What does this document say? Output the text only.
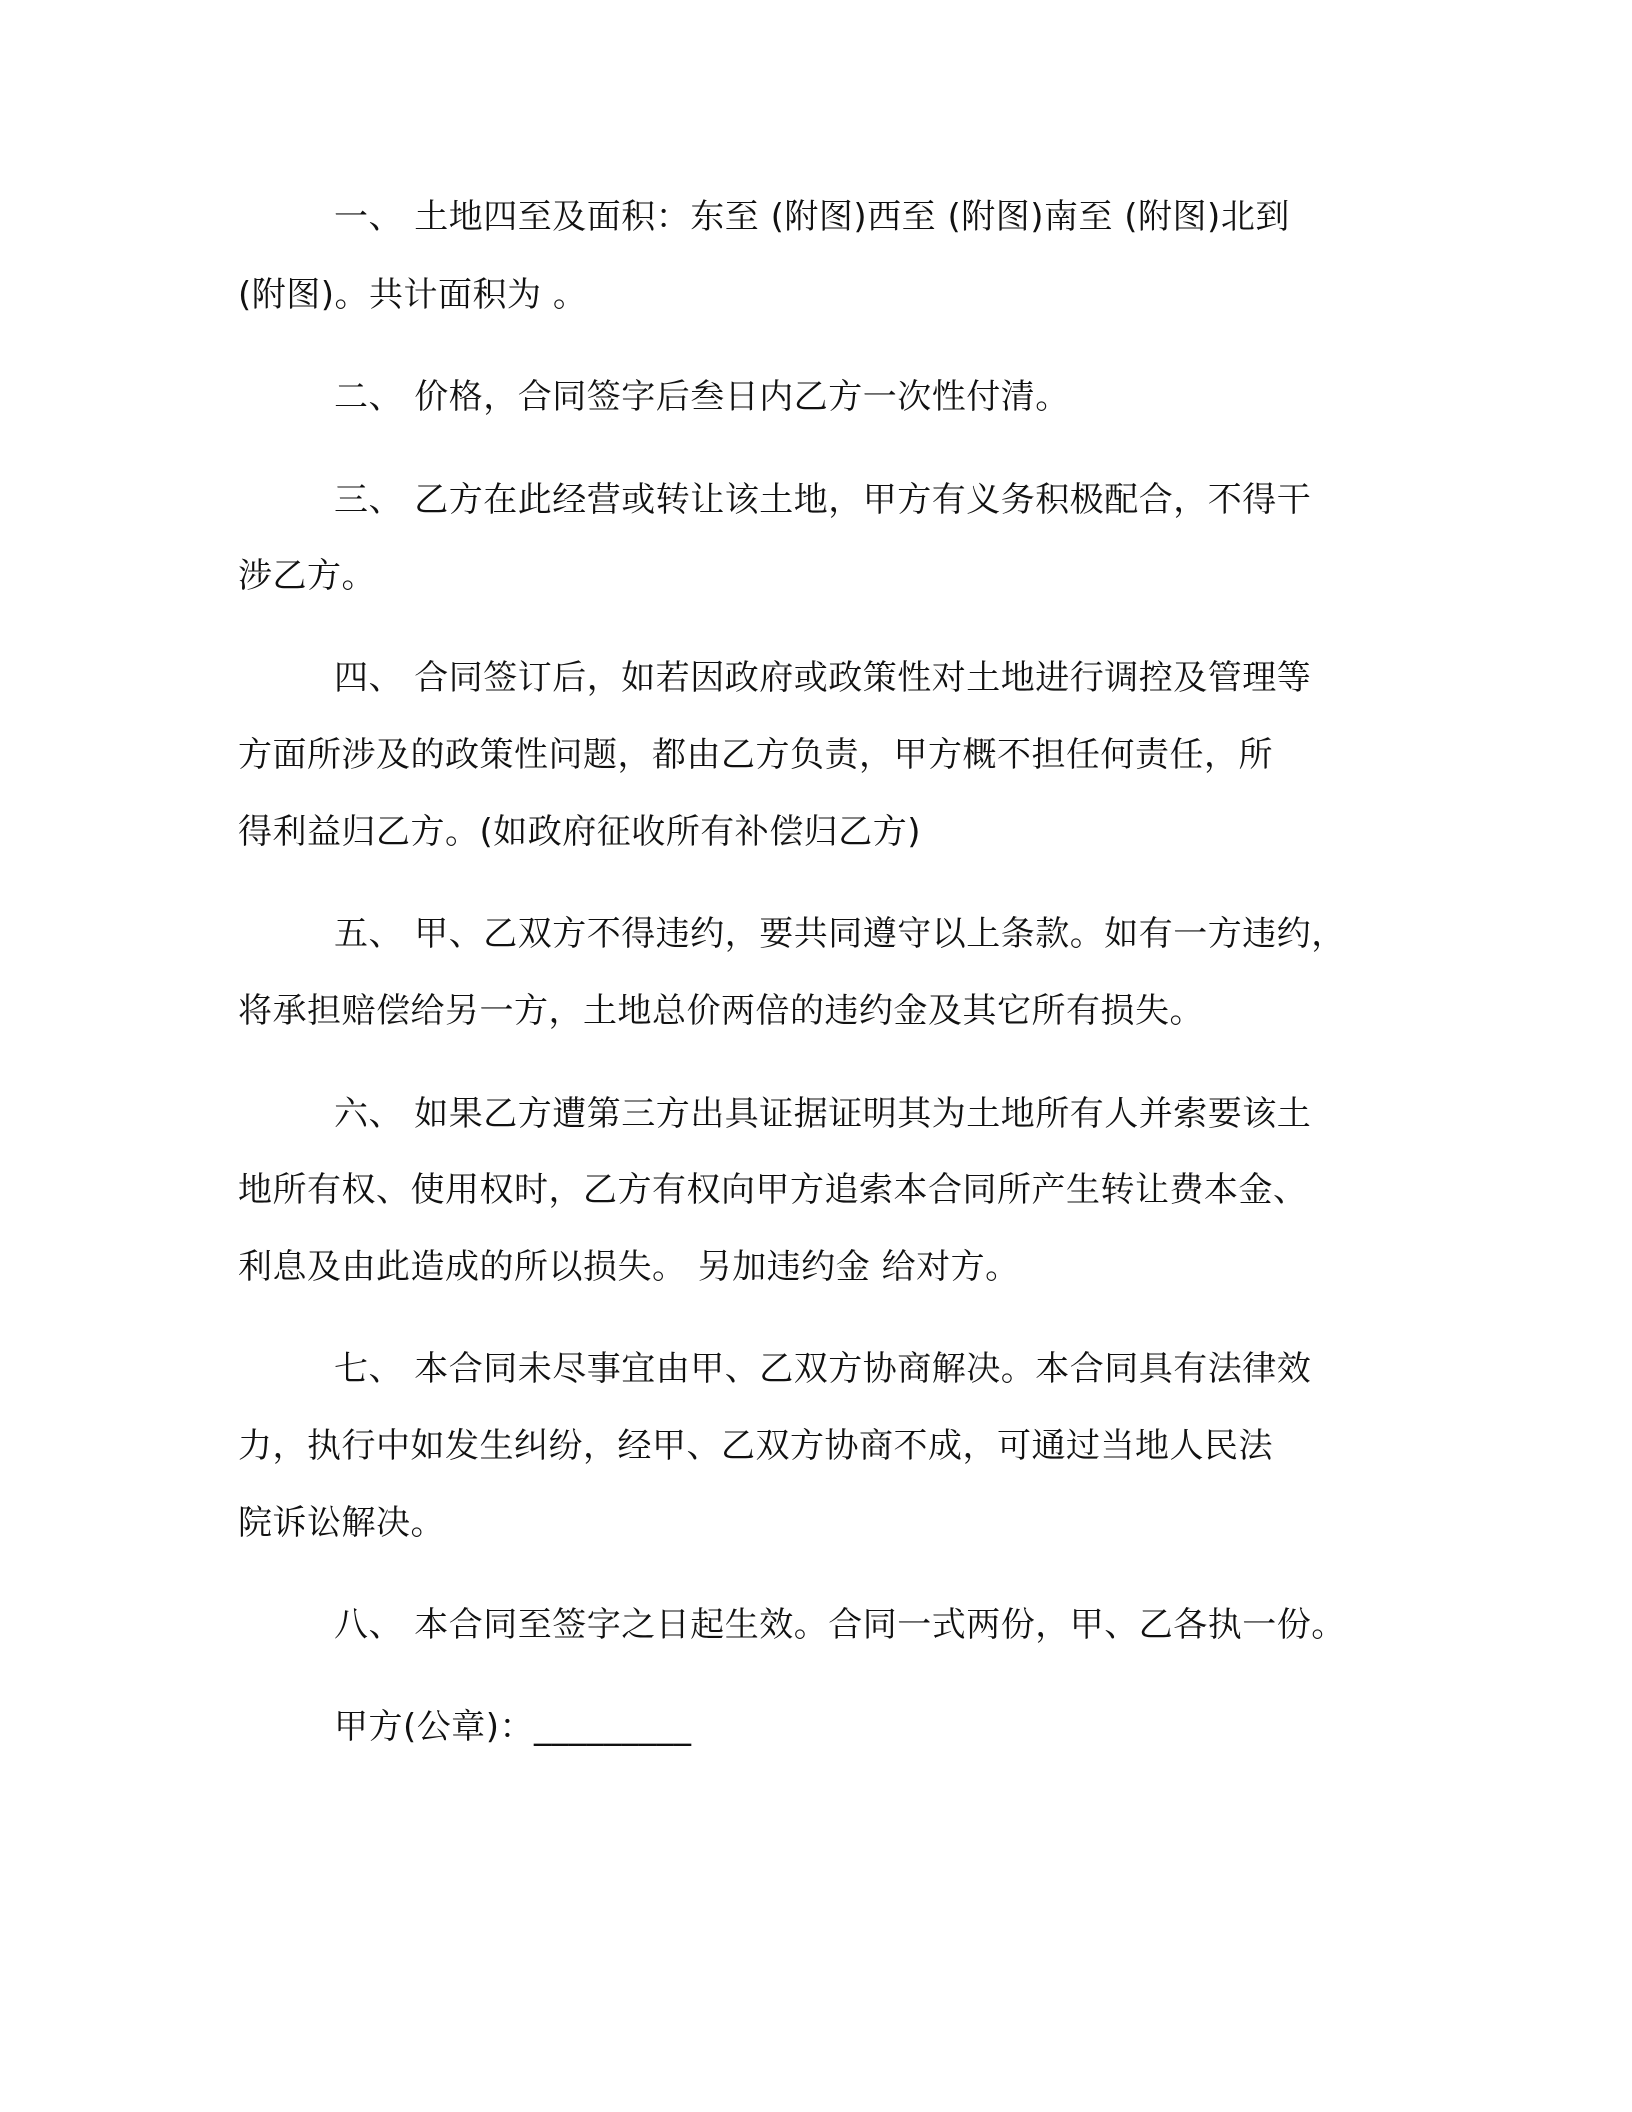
一、 土地四至及面积：东至 (附图)西至 (附图)南至 (附图)北到
(附图)。共计面积为 。
二、 价格，合同签字后叁日内乙方一次性付清。
三、 乙方在此经营或转让该土地，甲方有义务积极配合，不得干
涉乙方。
四、 合同签订后，如若因政府或政策性对土地进行调控及管理等
方面所涉及的政策性问题，都由乙方负责，甲方概不担任何责任，所
得利益归乙方。(如政府征收所有补偿归乙方)
五、 甲、乙双方不得违约，要共同遵守以上条款。如有一方违约，
将承担赔偿给另一方，土地总价两倍的违约金及其它所有损失。
六、 如果乙方遭第三方出具证据证明其为土地所有人并索要该土
地所有权、使用权时，乙方有权向甲方追索本合同所产生转让费本金、
利息及由此造成的所以损失。 另加违约金 给对方。
七、 本合同未尽事宜由甲、乙双方协商解决。本合同具有法律效
力，执行中如发生纠纷，经甲、乙双方协商不成，可通过当地人民法
院诉讼解决。
八、 本合同至签字之日起生效。合同一式两份，甲、乙各执一份。
甲方(公章)：_________
